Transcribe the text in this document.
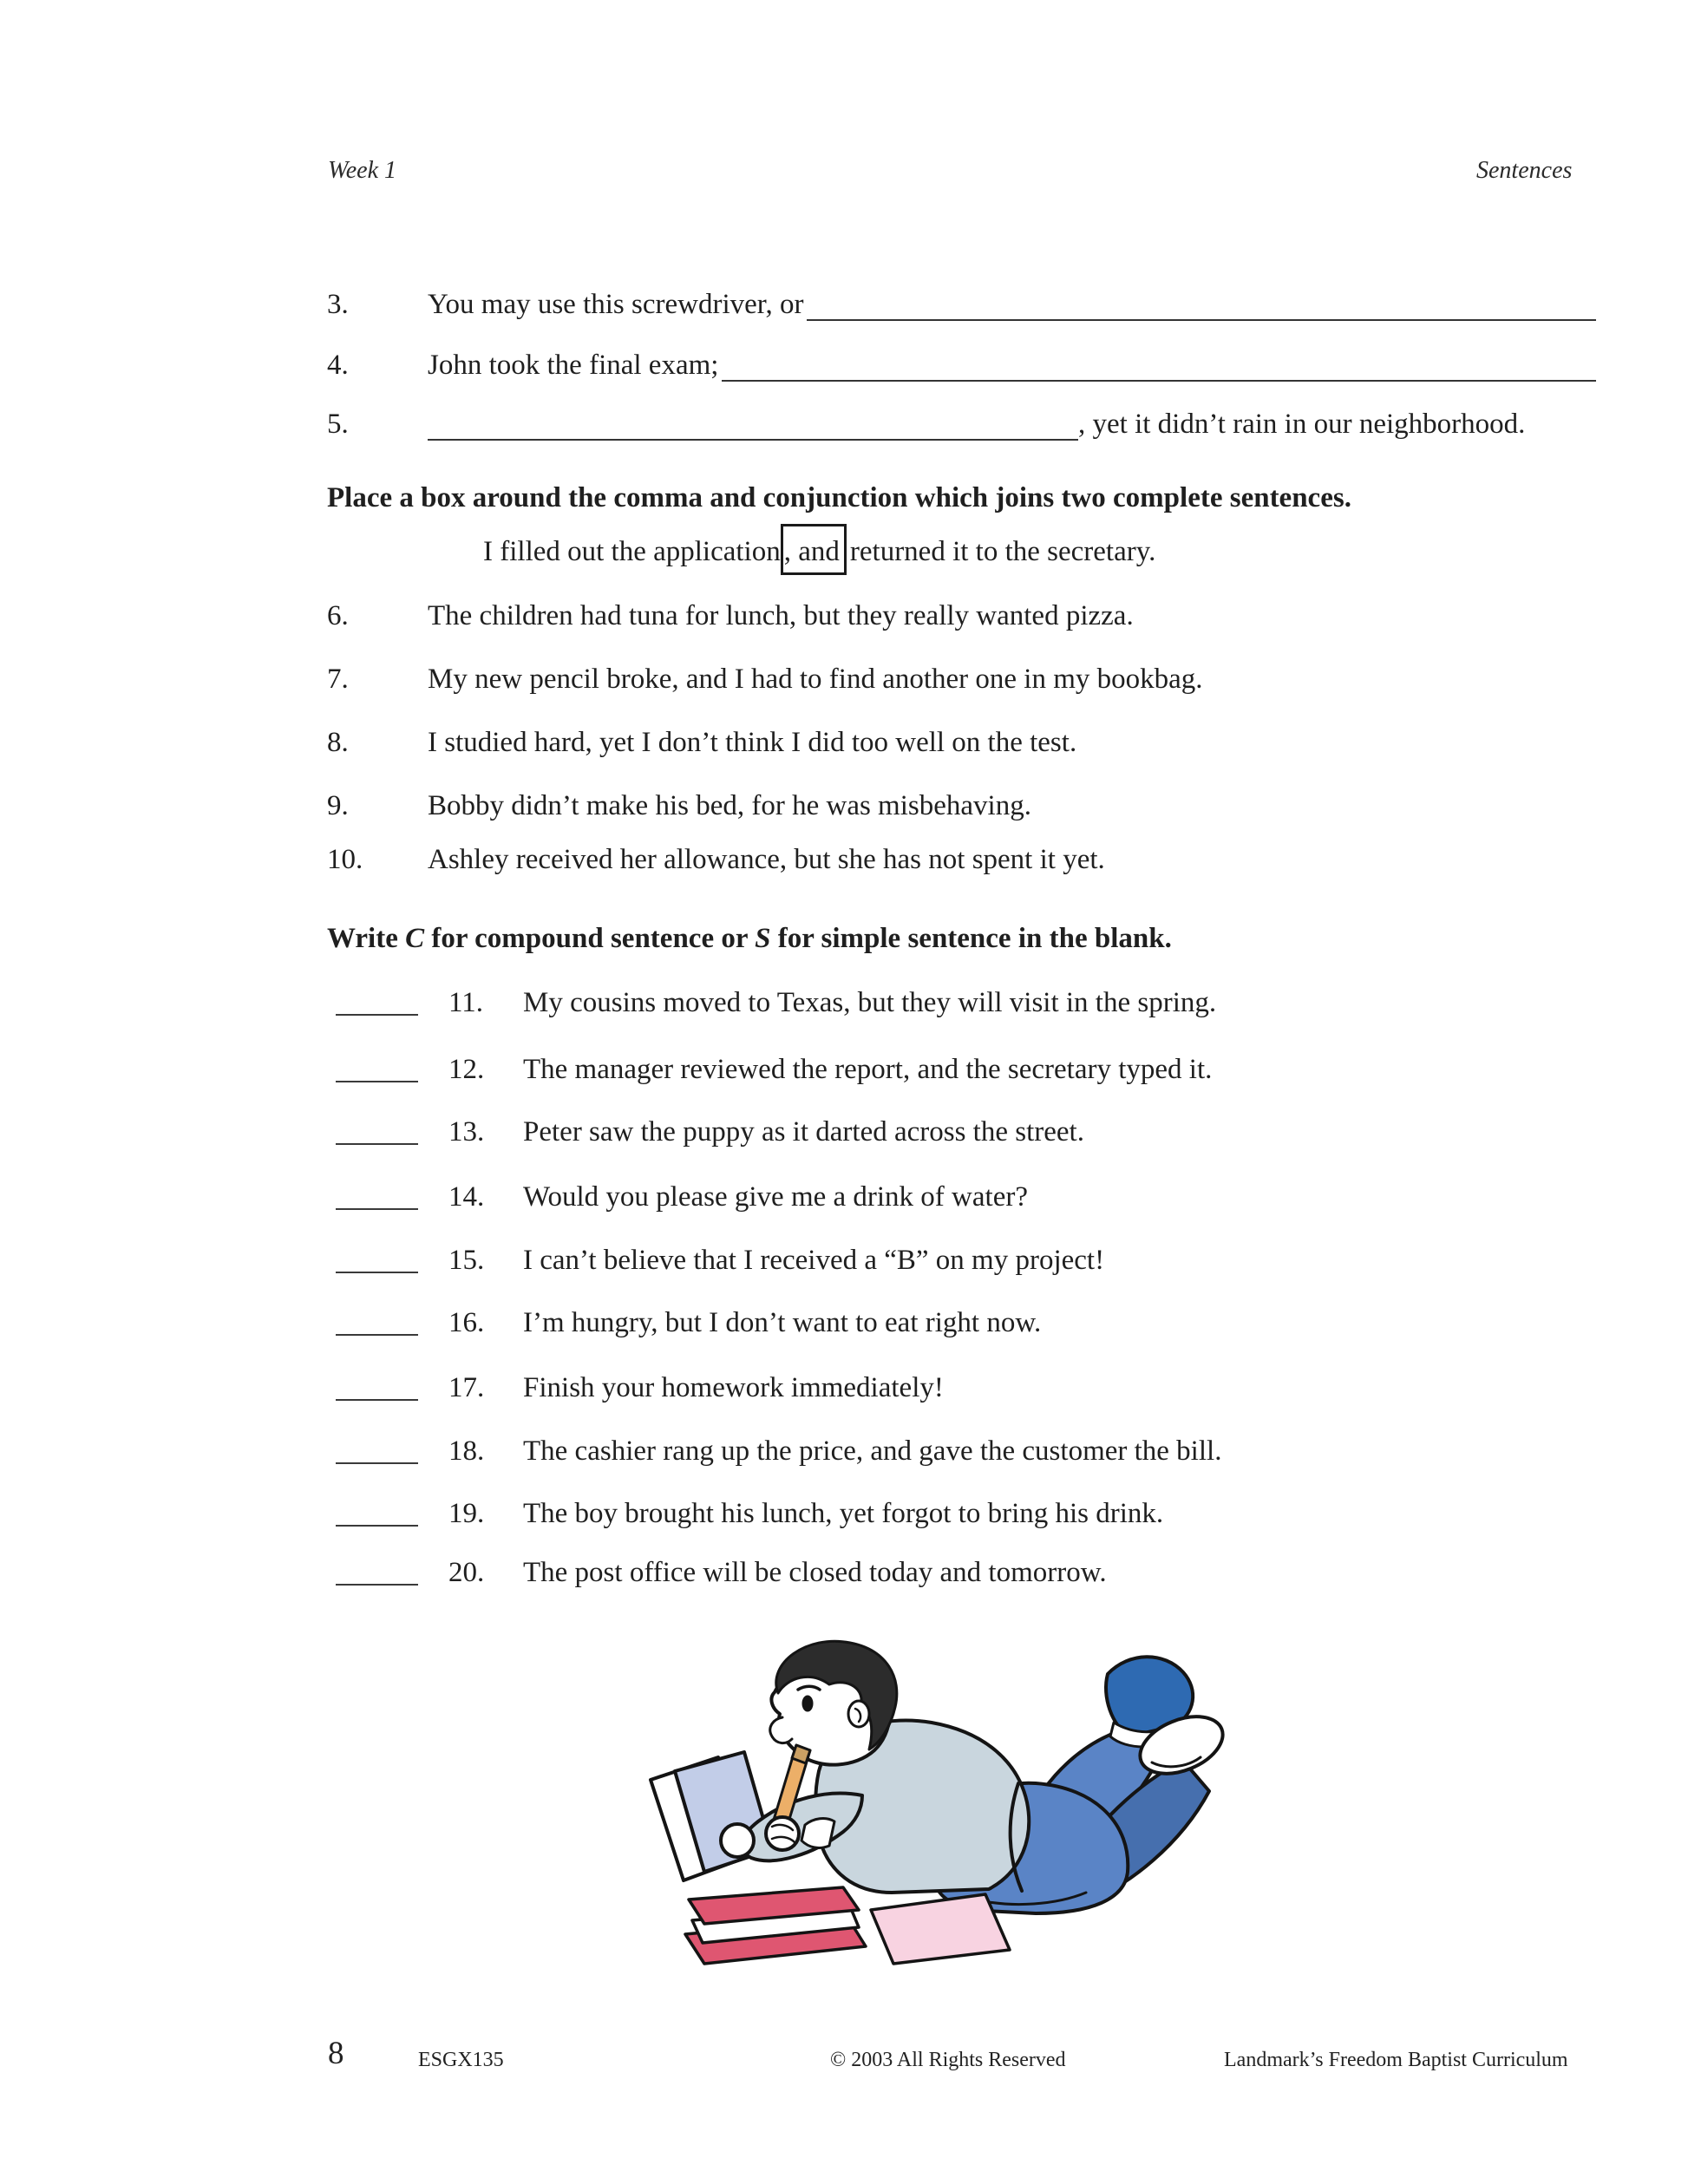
Week 1	Sentences
3.	You may use this screwdriver, or
4.	John took the final exam;
5.	, yet it didn’t rain in our neighborhood.
Place a box around the comma and conjunction which joins two complete sentences.
I filled out the application , and returned it to the secretary.
6.	The children had tuna for lunch, but they really wanted pizza.
7.	My new pencil broke, and I had to find another one in my bookbag.
8.	I studied hard, yet I don’t think I did too well on the test.
9.	Bobby didn’t make his bed, for he was misbehaving.
10.	Ashley received her allowance, but she has not spent it yet.
Write C for compound sentence or S for simple sentence in the blank.
11.	My cousins moved to Texas, but they will visit in the spring.
12.	The manager reviewed the report, and the secretary typed it.
13.	Peter saw the puppy as it darted across the street.
14.	Would you please give me a drink of water?
15.	I can’t believe that I received a “B” on my project!
16.	I’m hungry, but I don’t want to eat right now.
17.	Finish your homework immediately!
18.	The cashier rang up the price, and gave the customer the bill.
19.	The boy brought his lunch, yet forgot to bring his drink.
20.	The post office will be closed today and tomorrow.
8	ESGX135	© 2003 All Rights Reserved	Landmark’s Freedom Baptist Curriculum
